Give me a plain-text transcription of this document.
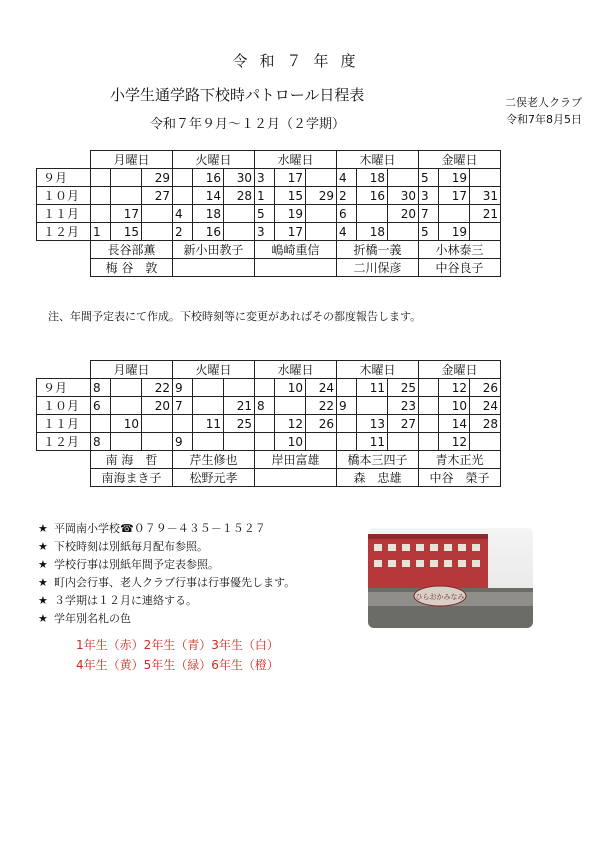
令和７年度
小学生通学路下校時パトロール日程表
令和７年９月～１２月（２学期）
二俣老人クラブ
令和7年8月5日
	月曜日			火曜日			水曜日			木曜日			金曜日		
９月			29		16	30	3	17		4	18		5	19	
１０月			27		14	28	1	15	29	2	16	30	3	17	31
１１月		17		4	18		5	19		6		20	7		21
１２月	1	15		2	16		3	17		4	18		5	19	
	長谷部薫			新小田教子			嶋崎重信			折橋一義			小林泰三		
	梅 谷　敦									二川保彦			中谷良子		
注、年間予定表にて作成。下校時刻等に変更があればその都度報告します。
	月曜日			火曜日			水曜日			木曜日			金曜日		
９月	8		22	9				10	24		11	25		12	26
１０月	6		20	7		21	8		22	9		23		10	24
１１月		10			11	25		12	26		13	27		14	28
１２月	8			9				10			11			12	
	南 海　哲			芹生修也			岸田富雄			橋本三四子			青木正光		
	南海まき子			松野元孝						森　忠雄			中谷　榮子		
★ 平岡南小学校☎０７９－４３５－１５２７
★ 下校時刻は別紙毎月配布参照。
★ 学校行事は別紙年間予定表参照。
★ 町内会行事、老人クラブ行事は行事優先します。
★ ３学期は１２月に連絡する。
★ 学年別名札の色
1年生（赤）2年生（青）3年生（白）
4年生（黄）5年生（緑）6年生（橙）
ひらおかみなみ
